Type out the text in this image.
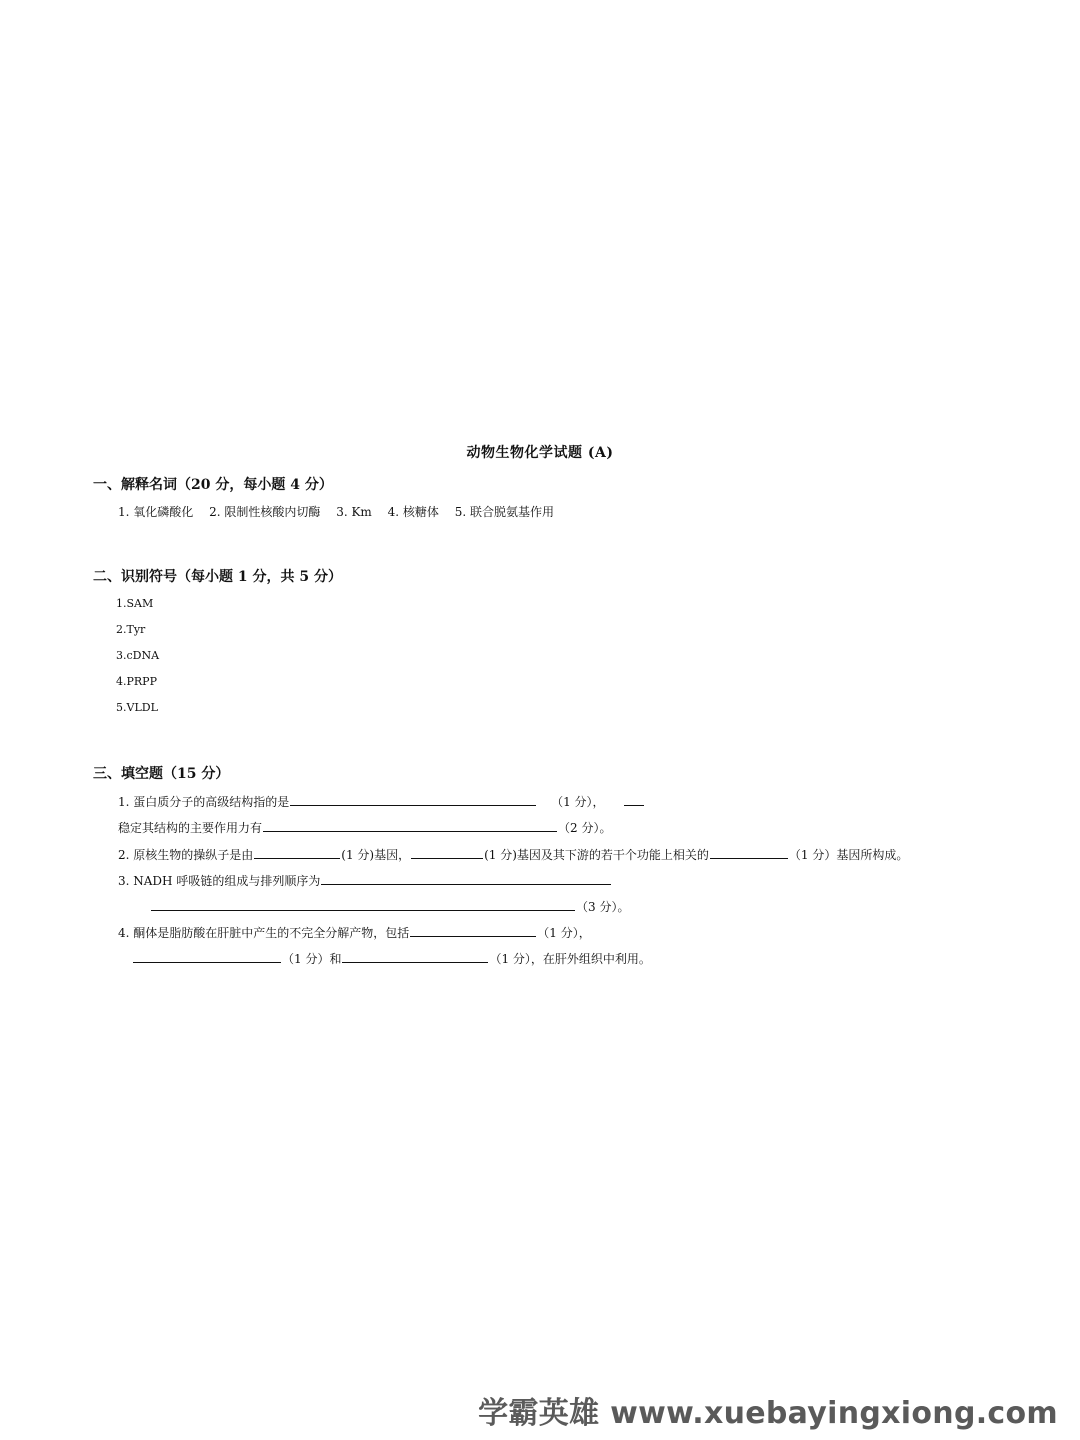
动物生物化学试题 (A)
一、解释名词（20 分，每小题 4 分）
1. 氧化磷酸化 2. 限制性核酸内切酶 3. Km 4. 核糖体 5. 联合脱氨基作用
二、识别符号（每小题 1 分，共 5 分）
1.SAM
2.Tyr
3.cDNA
4.PRPP
5.VLDL
三、填空题（15 分）
1. 蛋白质分子的高级结构指的是	（1 分），
稳定其结构的主要作用力有	（2 分）。
2. 原核生物的操纵子是由	(1 分)基因，	(1 分)基因及其下游的若干个功能上相关的	（1 分）基因所构成。
3. NADH 呼吸链的组成与排列顺序为
（3 分）。
4. 酮体是脂肪酸在肝脏中产生的不完全分解产物，包括	（1 分），
（1 分）和	（1 分），在肝外组织中利用。
学霸英雄 www.xuebayingxiong.com
